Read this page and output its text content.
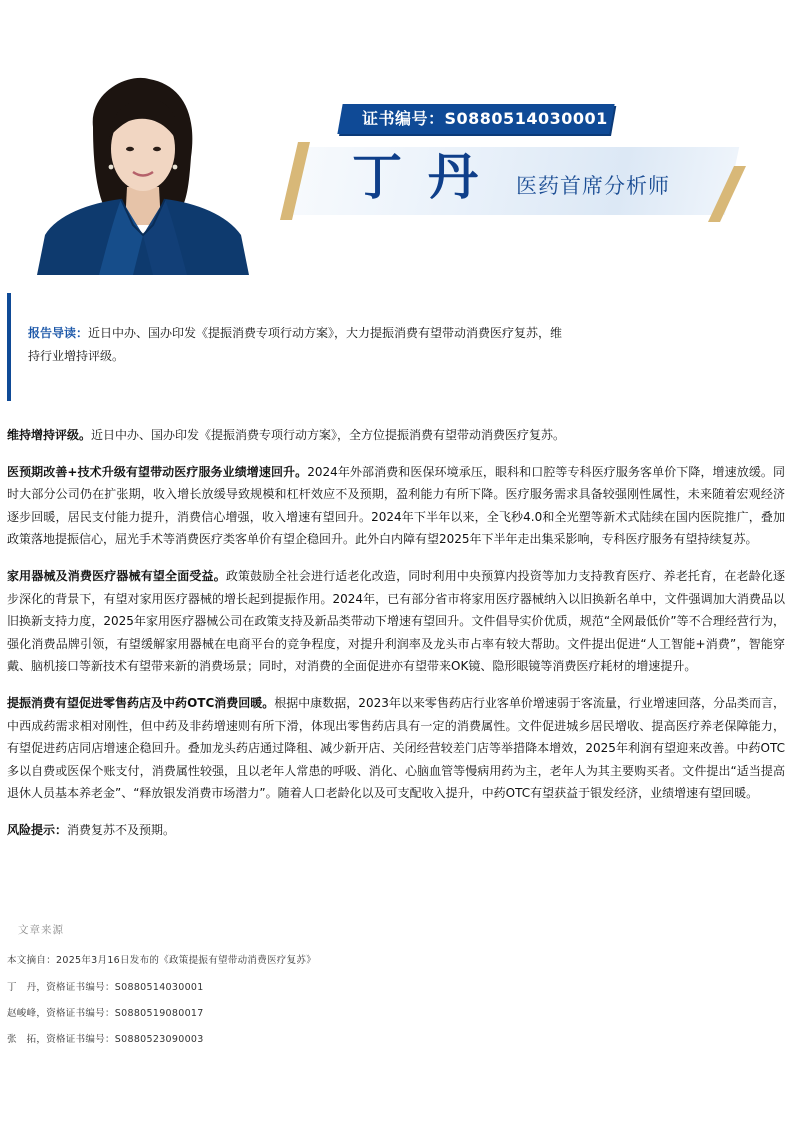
证书编号：S0880514030001
丁丹 医药首席分析师
报告导读：近日中办、国办印发《提振消费专项行动方案》，大力提振消费有望带动消费医疗复苏，维持行业增持评级。

维持增持评级。近日中办、国办印发《提振消费专项行动方案》，全方位提振消费有望带动消费医疗复苏。

医预期改善+技术升级有望带动医疗服务业绩增速回升。2024年外部消费和医保环境承压，眼科和口腔等专科医疗服务客单价下降，增速放缓。同时大部分公司仍在扩张期，收入增长放缓导致规模和杠杆效应不及预期，盈利能力有所下降。医疗服务需求具备较强刚性属性，未来随着宏观经济逐步回暖，居民支付能力提升，消费信心增强，收入增速有望回升。2024年下半年以来，全飞秒4.0和全光塑等新术式陆续在国内医院推广，叠加政策落地提振信心，屈光手术等消费医疗类客单价有望企稳回升。此外白内障有望2025年下半年走出集采影响，专科医疗服务有望持续复苏。

家用器械及消费医疗器械有望全面受益。政策鼓励全社会进行适老化改造，同时利用中央预算内投资等加力支持教育医疗、养老托育，在老龄化逐步深化的背景下，有望对家用医疗器械的增长起到提振作用。2024年，已有部分省市将家用医疗器械纳入以旧换新名单中，文件强调加大消费品以旧换新支持力度，2025年家用医疗器械公司在政策支持及新品类带动下增速有望回升。文件倡导实价优质，规范“全网最低价”等不合理经营行为，强化消费品牌引领，有望缓解家用器械在电商平台的竞争程度，对提升利润率及龙头市占率有较大帮助。文件提出促进“人工智能+消费”，智能穿戴、脑机接口等新技术有望带来新的消费场景；同时，对消费的全面促进亦有望带来OK镜、隐形眼镜等消费医疗耗材的增速提升。

提振消费有望促进零售药店及中药OTC消费回暖。根据中康数据，2023年以来零售药店行业客单价增速弱于客流量，行业增速回落，分品类而言，中西成药需求相对刚性，但中药及非药增速则有所下滑，体现出零售药店具有一定的消费属性。文件促进城乡居民增收、提高医疗养老保障能力，有望促进药店同店增速企稳回升。叠加龙头药店通过降租、减少新开店、关闭经营较差门店等举措降本增效，2025年利润有望迎来改善。中药OTC多以自费或医保个账支付，消费属性较强，且以老年人常患的呼吸、消化、心脑血管等慢病用药为主，老年人为其主要购买者。文件提出“适当提高退休人员基本养老金”、“释放银发消费市场潜力”。随着人口老龄化以及可支配收入提升，中药OTC有望获益于银发经济，业绩增速有望回暖。

风险提示：消费复苏不及预期。

文章来源
本文摘自：2025年3月16日发布的《政策提振有望带动消费医疗复苏》
丁　丹，资格证书编号：S0880514030001
赵峻峰，资格证书编号：S0880519080017
张　拓，资格证书编号：S0880523090003
